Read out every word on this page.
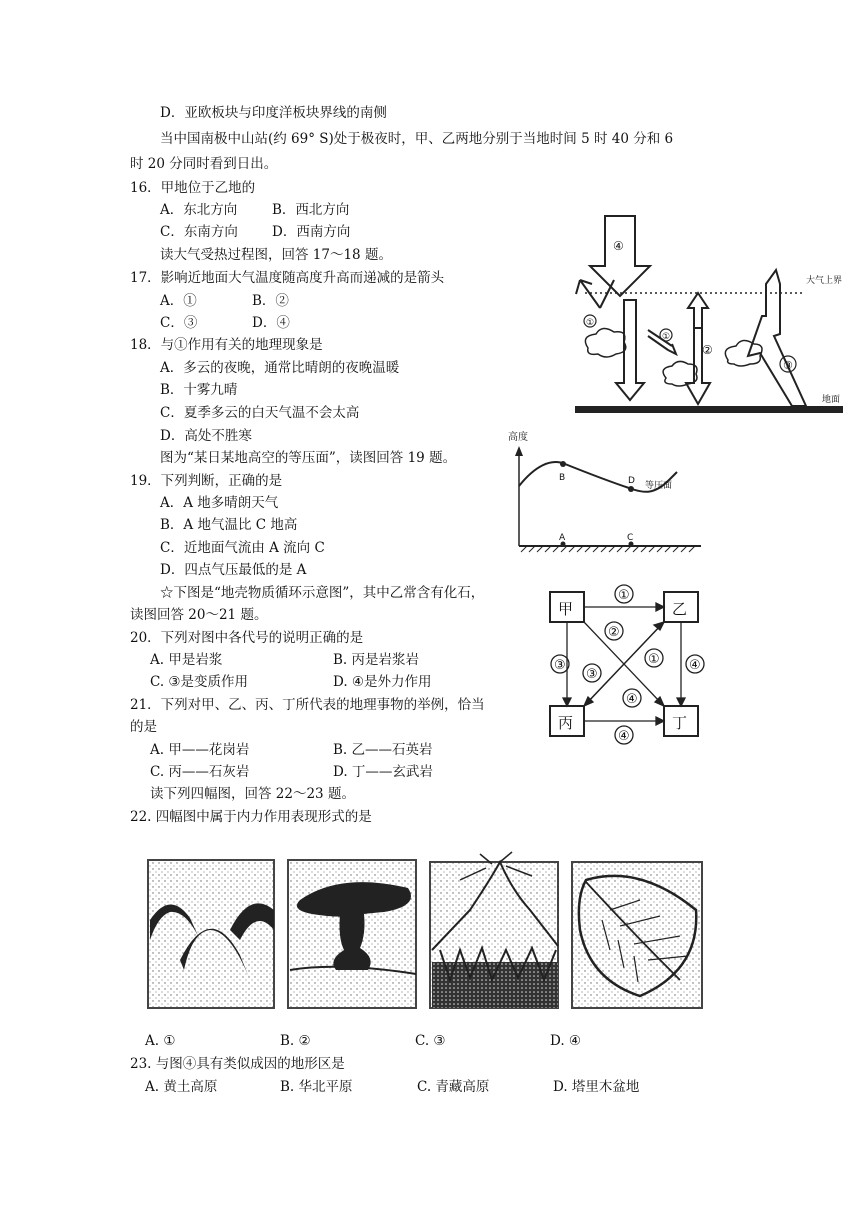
D．亚欧板块与印度洋板块界线的南侧
当中国南极中山站(约 69° S)处于极夜时，甲、乙两地分别于当地时间 5 时 40 分和 6
时 20 分同时看到日出。
16．甲地位于乙地的
A．东北方向	B．西北方向
C．东南方向	D．西南方向
读大气受热过程图，回答 17～18 题。
17．影响近地面大气温度随高度升高而递减的是箭头
A．①	B．②
C．③	D．④
18．与①作用有关的地理现象是
A．多云的夜晚，通常比晴朗的夜晚温暖
B．十雾九晴
C．夏季多云的白天气温不会太高
D．高处不胜寒
图为“某日某地高空的等压面”，读图回答 19 题。
19．下列判断，正确的是
A．A 地多晴朗天气
B．A 地气温比 C 地高
C．近地面气流由 A 流向 C
D．四点气压最低的是 A
☆下图是“地壳物质循环示意图”，其中乙常含有化石，
读图回答 20～21 题。
20．下列对图中各代号的说明正确的是
A. 甲是岩浆	B. 丙是岩浆岩
C. ③是变质作用	D. ④是外力作用
21．下列对甲、乙、丙、丁所代表的地理事物的举例，恰当
的是
A. 甲——花岗岩	B. 乙——石英岩
C. 丙——石灰岩	D. 丁——玄武岩
读下列四幅图，回答 22～23 题。
22. 四幅图中属于内力作用表现形式的是
A. ①	B. ②	C. ③	D. ④
23. 与图④具有类似成因的地形区是
A. 黄土高原	B. 华北平原	C. 青藏高原	D. 塔里木盆地
大气上界
地面
④
①
①
②
③
高度
B	D 等压面
A	C
甲	乙
丙	丁
①
②
①
③
③
④
④
④
